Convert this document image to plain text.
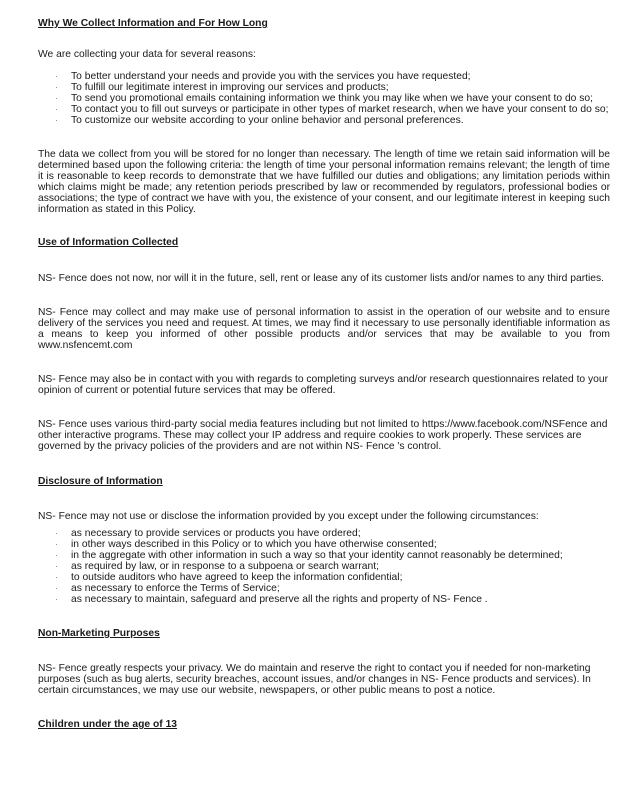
Why We Collect Information and For How Long

We are collecting your data for several reasons:

· To better understand your needs and provide you with the services you have requested;
· To fulfill our legitimate interest in improving our services and products;
· To send you promotional emails containing information we think you may like when we have your consent to do so;
· To contact you to fill out surveys or participate in other types of market research, when we have your consent to do so;
· To customize our website according to your online behavior and personal preferences.

The data we collect from you will be stored for no longer than necessary. The length of time we retain said information will be determined based upon the following criteria: the length of time your personal information remains relevant; the length of time it is reasonable to keep records to demonstrate that we have fulfilled our duties and obligations; any limitation periods within which claims might be made; any retention periods prescribed by law or recommended by regulators, professional bodies or associations; the type of contract we have with you, the existence of your consent, and our legitimate interest in keeping such information as stated in this Policy.

Use of Information Collected

NS- Fence does not now, nor will it in the future, sell, rent or lease any of its customer lists and/or names to any third parties.

NS- Fence may collect and may make use of personal information to assist in the operation of our website and to ensure delivery of the services you need and request. At times, we may find it necessary to use personally identifiable information as a means to keep you informed of other possible products and/or services that may be available to you from www.nsfencemt.com

NS- Fence may also be in contact with you with regards to completing surveys and/or research questionnaires related to your opinion of current or potential future services that may be offered.

NS- Fence uses various third-party social media features including but not limited to https://www.facebook.com/NSFence and other interactive programs. These may collect your IP address and require cookies to work properly. These services are governed by the privacy policies of the providers and are not within NS- Fence 's control.

Disclosure of Information

NS- Fence may not use or disclose the information provided by you except under the following circumstances:

· as necessary to provide services or products you have ordered;
· in other ways described in this Policy or to which you have otherwise consented;
· in the aggregate with other information in such a way so that your identity cannot reasonably be determined;
· as required by law, or in response to a subpoena or search warrant;
· to outside auditors who have agreed to keep the information confidential;
· as necessary to enforce the Terms of Service;
· as necessary to maintain, safeguard and preserve all the rights and property of NS- Fence .
Non-Marketing Purposes

NS- Fence greatly respects your privacy. We do maintain and reserve the right to contact you if needed for non-marketing purposes (such as bug alerts, security breaches, account issues, and/or changes in NS- Fence products and services). In certain circumstances, we may use our website, newspapers, or other public means to post a notice.

Children under the age of 13
